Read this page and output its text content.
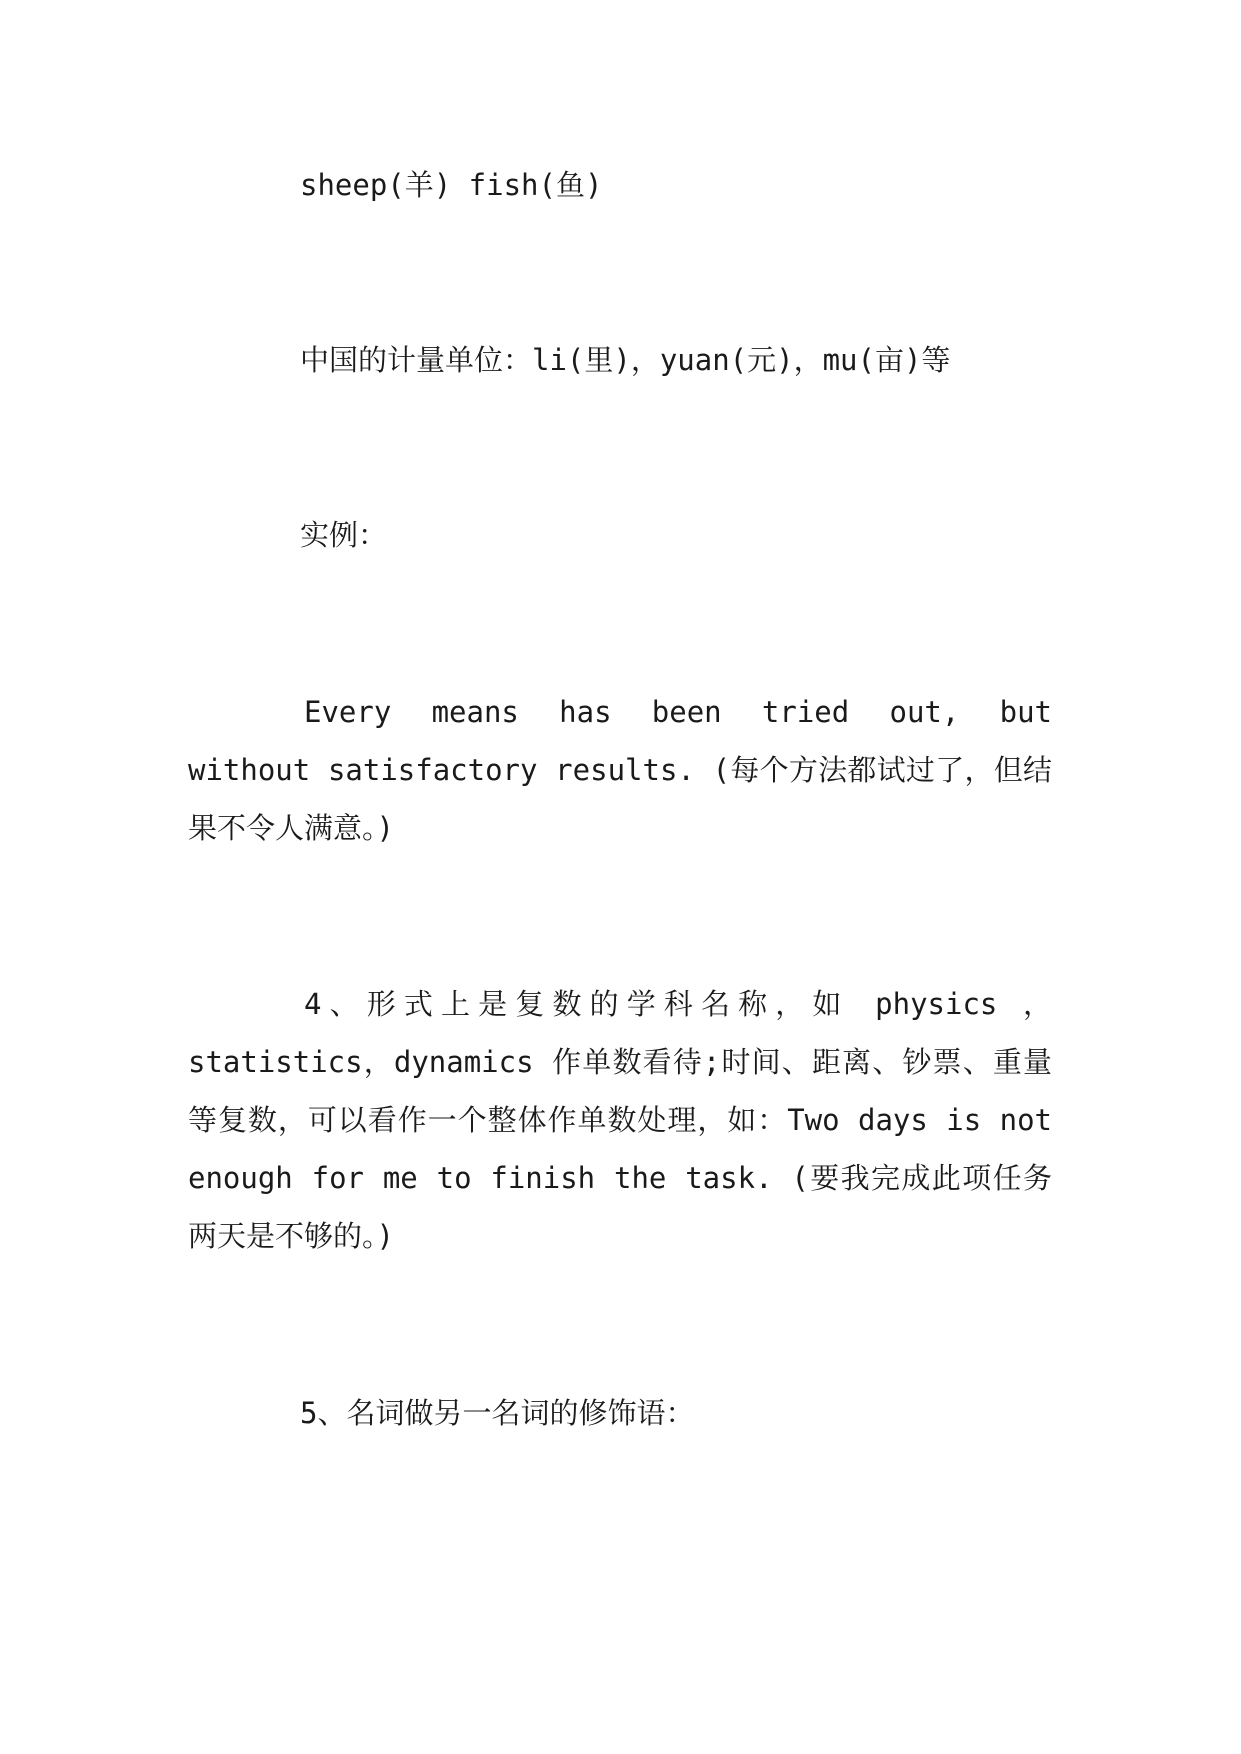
sheep(羊) fish(鱼)

中国的计量单位：li(里)，yuan(元)，mu(亩)等

实例：

Every means has been tried out, but without satisfactory results. (每个方法都试过了，但结果不令人满意。)

4、形式上是复数的学科名称，如 physics ，statistics，dynamics 作单数看待;时间、距离、钞票、重量等复数，可以看作一个整体作单数处理，如：Two days is not enough for me to finish the task. (要我完成此项任务两天是不够的。)

5、名词做另一名词的修饰语：
